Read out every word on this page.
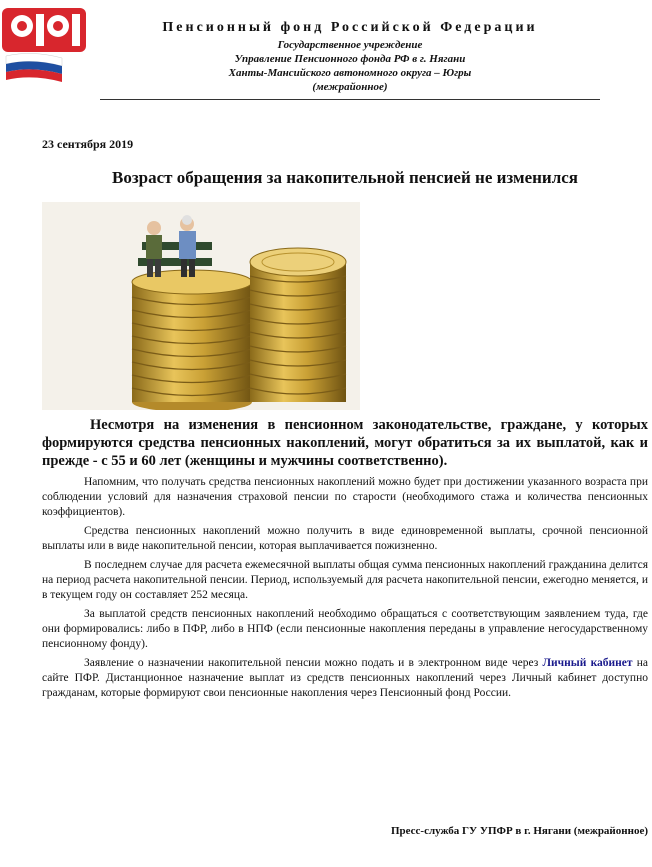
Пенсионный фонд Российской Федерации

Государственное учреждение

Управление Пенсионного фонда РФ в г. Нягани

Ханты-Мансийского автономного округа – Югры

(межрайонное)

23 сентября 2019
Возраст обращения за накопительной пенсией не изменился

Несмотря на изменения в пенсионном законодательстве, граждане, у которых формируются средства пенсионных накоплений, могут обратиться за их выплатой, как и прежде - с 55 и 60 лет (женщины и мужчины соответственно).

Напомним, что получать средства пенсионных накоплений можно будет при достижении указанного возраста при соблюдении условий для назначения страховой пенсии по старости (необходимого стажа и количества пенсионных коэффициентов).

Средства пенсионных накоплений можно получить в виде единовременной выплаты, срочной пенсионной выплаты или в виде накопительной пенсии, которая выплачивается пожизненно.

В последнем случае для расчета ежемесячной выплаты общая сумма пенсионных накоплений гражданина делится на период расчета накопительной пенсии. Период, используемый для расчета накопительной пенсии, ежегодно меняется, и в текущем году он составляет 252 месяца.

За выплатой средств пенсионных накоплений необходимо обращаться с соответствующим заявлением туда, где они формировались: либо в ПФР, либо в НПФ (если пенсионные накопления переданы в управление негосударственному пенсионному фонду).

Заявление о назначении накопительной пенсии можно подать и в электронном виде через Личный кабинет на сайте ПФР. Дистанционное назначение выплат из средств пенсионных накоплений через Личный кабинет доступно гражданам, которые формируют свои пенсионные накопления через Пенсионный фонд России.

Пресс-служба ГУ УПФР в г. Нягани (межрайонное)
